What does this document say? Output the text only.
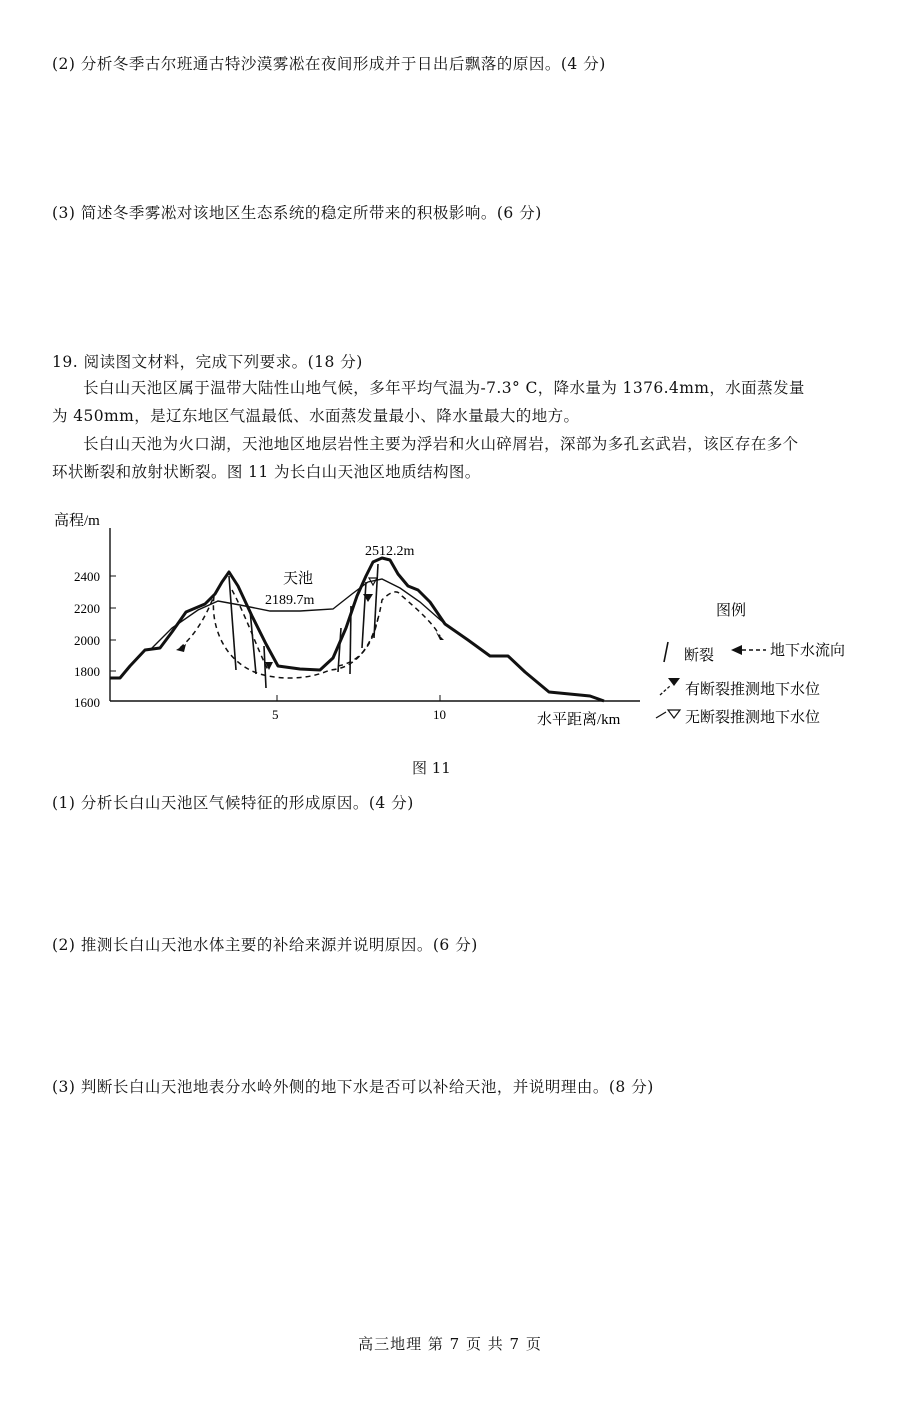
(2) 分析冬季古尔班通古特沙漠雾凇在夜间形成并于日出后飘落的原因。(4 分)
(3) 简述冬季雾凇对该地区生态系统的稳定所带来的积极影响。(6 分)
19. 阅读图文材料，完成下列要求。(18 分)

长白山天池区属于温带大陆性山地气候，多年平均气温为-7.3° C，降水量为 1376.4mm，水面蒸发量为 450mm，是辽东地区气温最低、水面蒸发量最小、降水量最大的地方。

长白山天池为火口湖，天池地区地层岩性主要为浮岩和火山碎屑岩，深部为多孔玄武岩，该区存在多个环状断裂和放射状断裂。图 11 为长白山天池区地质结构图。

高程/m
水平距离/km
2400
2200
2000
1800
1600
5	10
天池
2189.7m
2512.2m
图例
断裂	地下水流向
有断裂推测地下水位
无断裂推测地下水位
图 11
(1) 分析长白山天池区气候特征的形成原因。(4 分)
(2) 推测长白山天池水体主要的补给来源并说明原因。(6 分)
(3) 判断长白山天池地表分水岭外侧的地下水是否可以补给天池，并说明理由。(8 分)
高三地理 第 7 页 共 7 页
